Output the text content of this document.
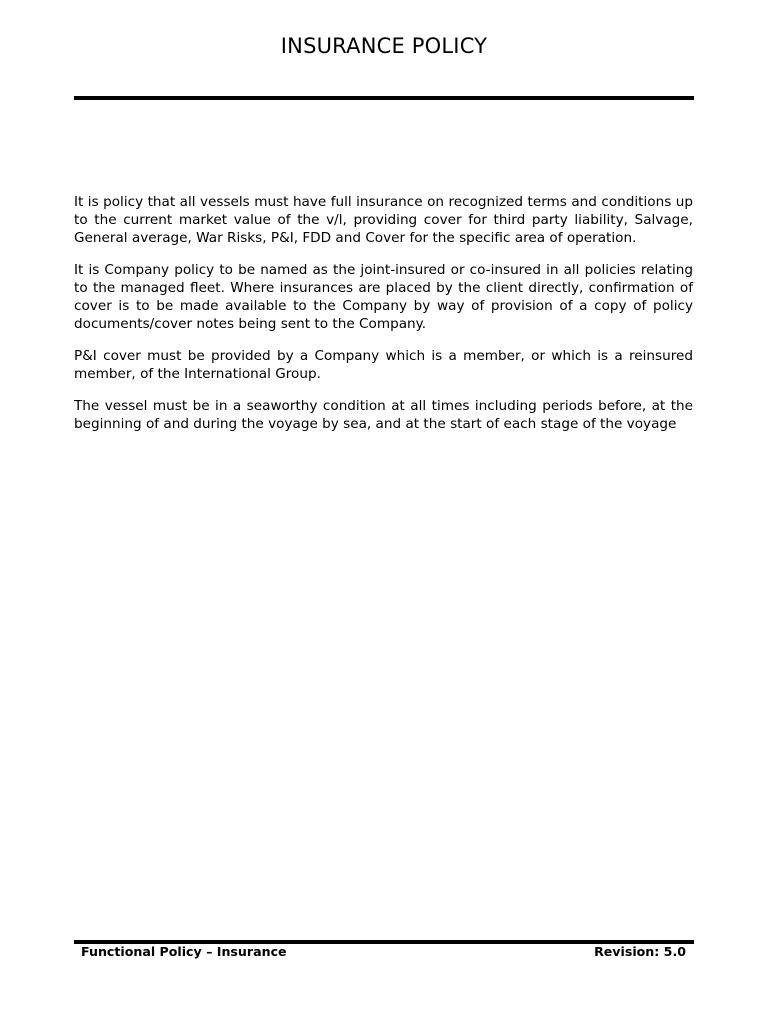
INSURANCE POLICY

It is policy that all vessels must have full insurance on recognized terms and conditions up to the current market value of the v/l, providing cover for third party liability, Salvage, General average, War Risks, P&I, FDD and Cover for the specific area of operation.

It is Company policy to be named as the joint-insured or co-insured in all policies relating to the managed fleet. Where insurances are placed by the client directly, confirmation of cover is to be made available to the Company by way of provision of a copy of policy documents/cover notes being sent to the Company.

P&I cover must be provided by a Company which is a member, or which is a reinsured member, of the International Group.

The vessel must be in a seaworthy condition at all times including periods before, at the beginning of and during the voyage by sea, and at the start of each stage of the voyage

Functional Policy – Insurance	Revision: 5.0
